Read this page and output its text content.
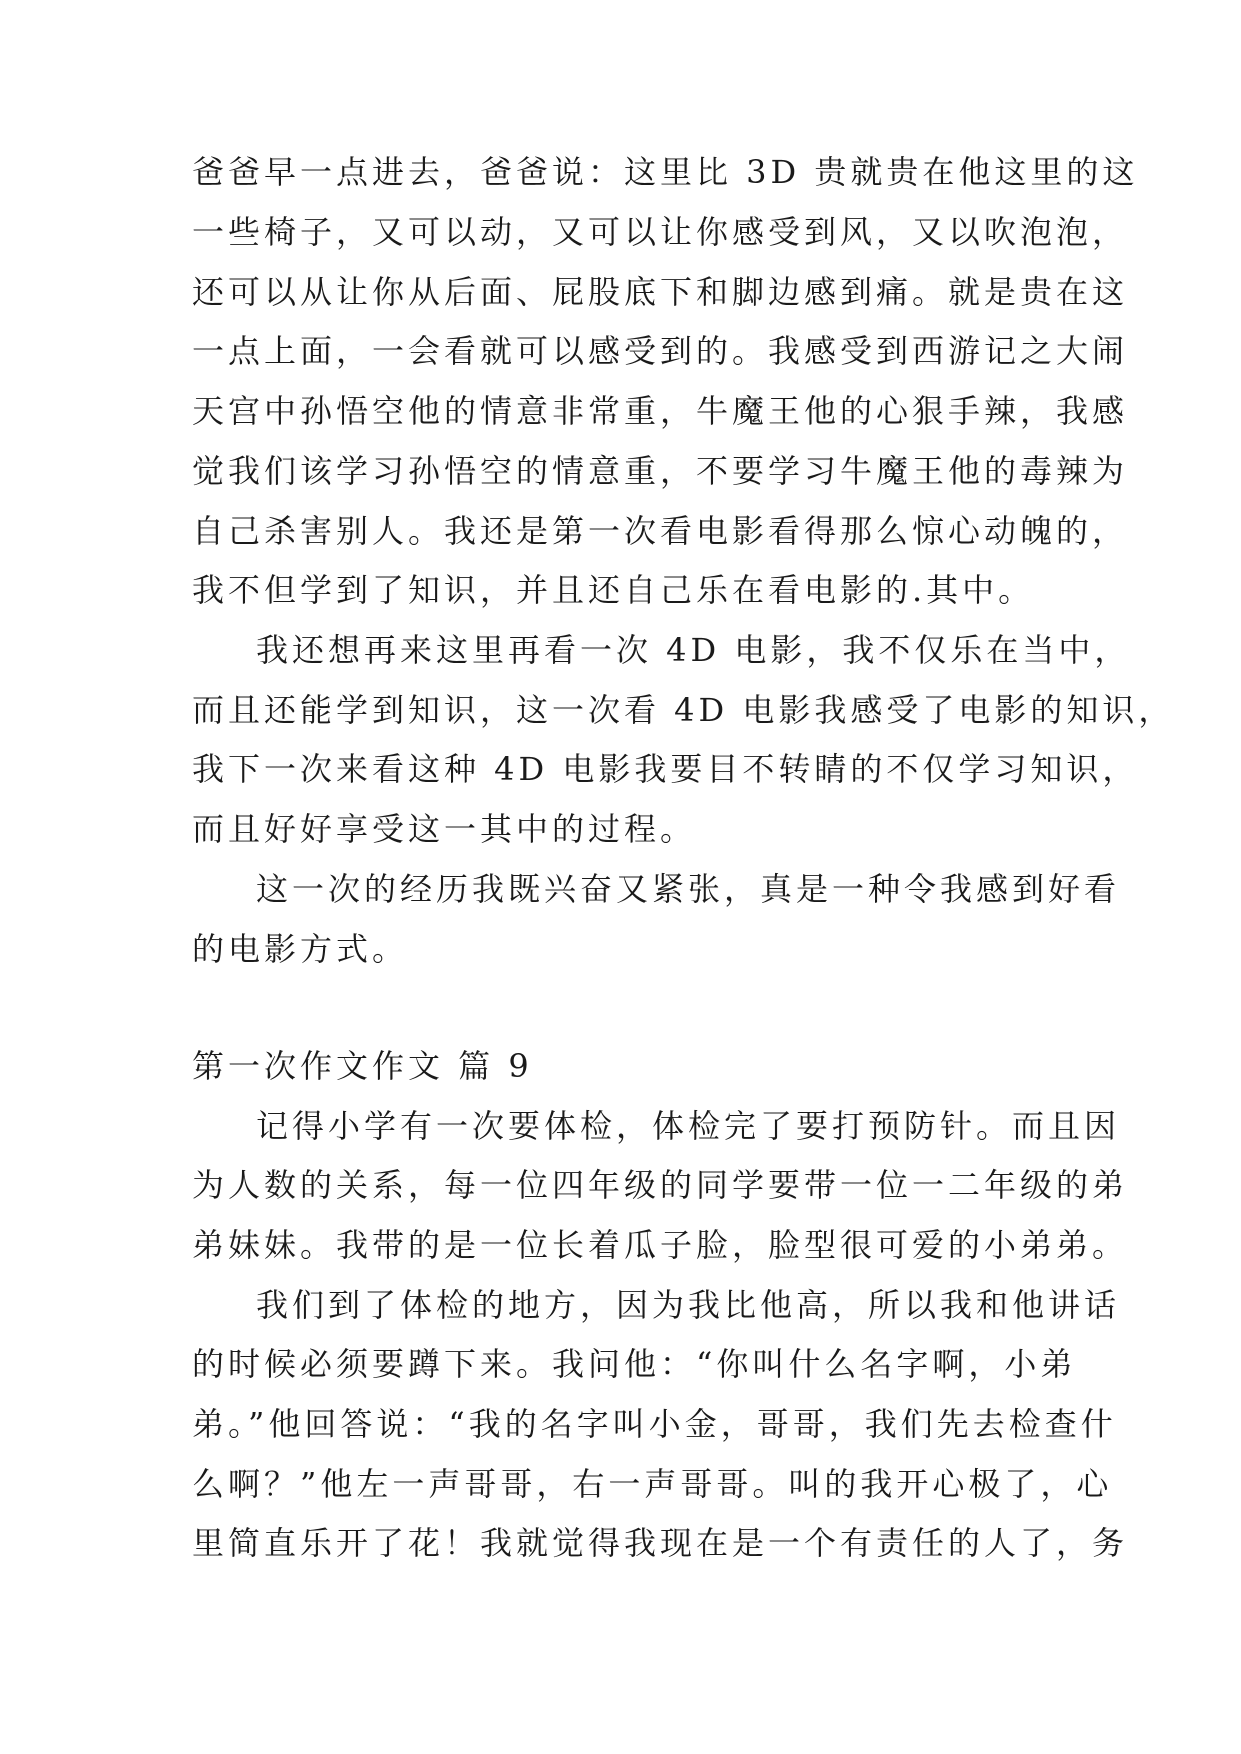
爸爸早一点进去，爸爸说：这里比 3D 贵就贵在他这里的这
一些椅子，又可以动，又可以让你感受到风，又以吹泡泡，
还可以从让你从后面、屁股底下和脚边感到痛。就是贵在这
一点上面，一会看就可以感受到的。我感受到西游记之大闹
天宫中孙悟空他的情意非常重，牛魔王他的心狠手辣，我感
觉我们该学习孙悟空的情意重，不要学习牛魔王他的毒辣为
自己杀害别人。我还是第一次看电影看得那么惊心动魄的，
我不但学到了知识，并且还自己乐在看电影的.其中。
我还想再来这里再看一次 4D 电影，我不仅乐在当中，
而且还能学到知识，这一次看 4D 电影我感受了电影的知识，
我下一次来看这种 4D 电影我要目不转睛的不仅学习知识，
而且好好享受这一其中的过程。
这一次的经历我既兴奋又紧张，真是一种令我感到好看
的电影方式。
第一次作文作文 篇 9
记得小学有一次要体检，体检完了要打预防针。而且因
为人数的关系，每一位四年级的同学要带一位一二年级的弟
弟妹妹。我带的是一位长着瓜子脸，脸型很可爱的小弟弟。
我们到了体检的地方，因为我比他高，所以我和他讲话
的时候必须要蹲下来。我问他：“你叫什么名字啊，小弟
弟。”他回答说：“我的名字叫小金，哥哥，我们先去检查什
么啊？”他左一声哥哥，右一声哥哥。叫的我开心极了，心
里简直乐开了花！我就觉得我现在是一个有责任的人了，务
